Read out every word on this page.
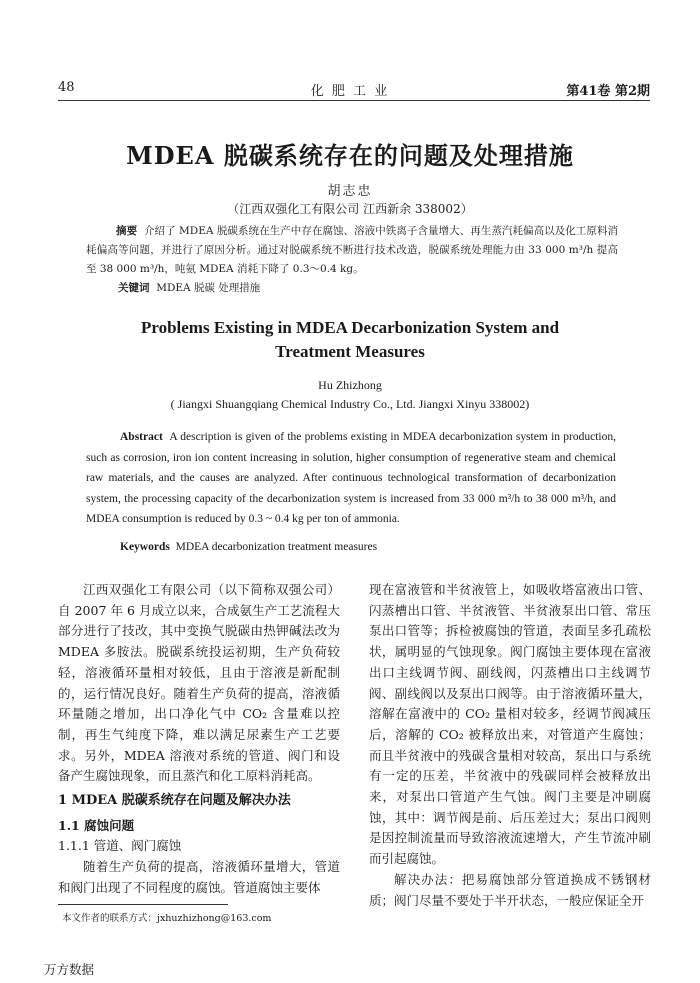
48	化 肥 工 业	第41卷 第2期
MDEA 脱碳系统存在的问题及处理措施
胡志忠
（江西双强化工有限公司 江西新余 338002）
摘要 介绍了 MDEA 脱碳系统在生产中存在腐蚀、溶液中铁离子含量增大、再生蒸汽耗偏高以及化工原料消耗偏高等问题，并进行了原因分析。通过对脱碳系统不断进行技术改造，脱碳系统处理能力由 33 000 m³/h 提高至 38 000 m³/h，吨氨 MDEA 消耗下降了 0.3～0.4 kg。
关键词 MDEA 脱碳 处理措施
Problems Existing in MDEA Decarbonization System and Treatment Measures
Hu Zhizhong
( Jiangxi Shuangqiang Chemical Industry Co., Ltd. Jiangxi Xinyu 338002)
Abstract A description is given of the problems existing in MDEA decarbonization system in production, such as corrosion, iron ion content increasing in solution, higher consumption of regenerative steam and chemical raw materials, and the causes are analyzed. After continuous technological transformation of decarbonization system, the processing capacity of the decarbonization system is increased from 33 000 m³/h to 38 000 m³/h, and MDEA consumption is reduced by 0.3 ~ 0.4 kg per ton of ammonia.
Keywords MDEA decarbonization treatment measures

江西双强化工有限公司（以下简称双强公司）自 2007 年 6 月成立以来，合成氨生产工艺流程大部分进行了技改，其中变换气脱碳由热钾碱法改为 MDEA 多胺法。脱碳系统投运初期，生产负荷较轻，溶液循环量相对较低，且由于溶液是新配制的，运行情况良好。随着生产负荷的提高，溶液循环量随之增加，出口净化气中 CO₂ 含量难以控制，再生气纯度下降，难以满足尿素生产工艺要求。另外，MDEA 溶液对系统的管道、阀门和设备产生腐蚀现象，而且蒸汽和化工原料消耗高。

1 MDEA 脱碳系统存在问题及解决办法

1.1 腐蚀问题

1.1.1 管道、阀门腐蚀

随着生产负荷的提高，溶液循环量增大，管道和阀门出现了不同程度的腐蚀。管道腐蚀主要体

现在富液管和半贫液管上，如吸收塔富液出口管、闪蒸槽出口管、半贫液管、半贫液泵出口管、常压泵出口管等；拆检被腐蚀的管道，表面呈多孔疏松状，属明显的气蚀现象。阀门腐蚀主要体现在富液出口主线调节阀、副线阀，闪蒸槽出口主线调节阀、副线阀以及泵出口阀等。由于溶液循环量大，溶解在富液中的 CO₂ 量相对较多，经调节阀减压后，溶解的 CO₂ 被释放出来，对管道产生腐蚀；而且半贫液中的残碳含量相对较高，泵出口与系统有一定的压差，半贫液中的残碳同样会被释放出来，对泵出口管道产生气蚀。阀门主要是冲刷腐蚀，其中：调节阀是前、后压差过大；泵出口阀则是因控制流量而导致溶液流速增大，产生节流冲刷而引起腐蚀。

解决办法：把易腐蚀部分管道换成不锈钢材质；阀门尽量不要处于半开状态，一般应保证全开

本文作者的联系方式：jxhuzhizhong@163.com
万方数据
